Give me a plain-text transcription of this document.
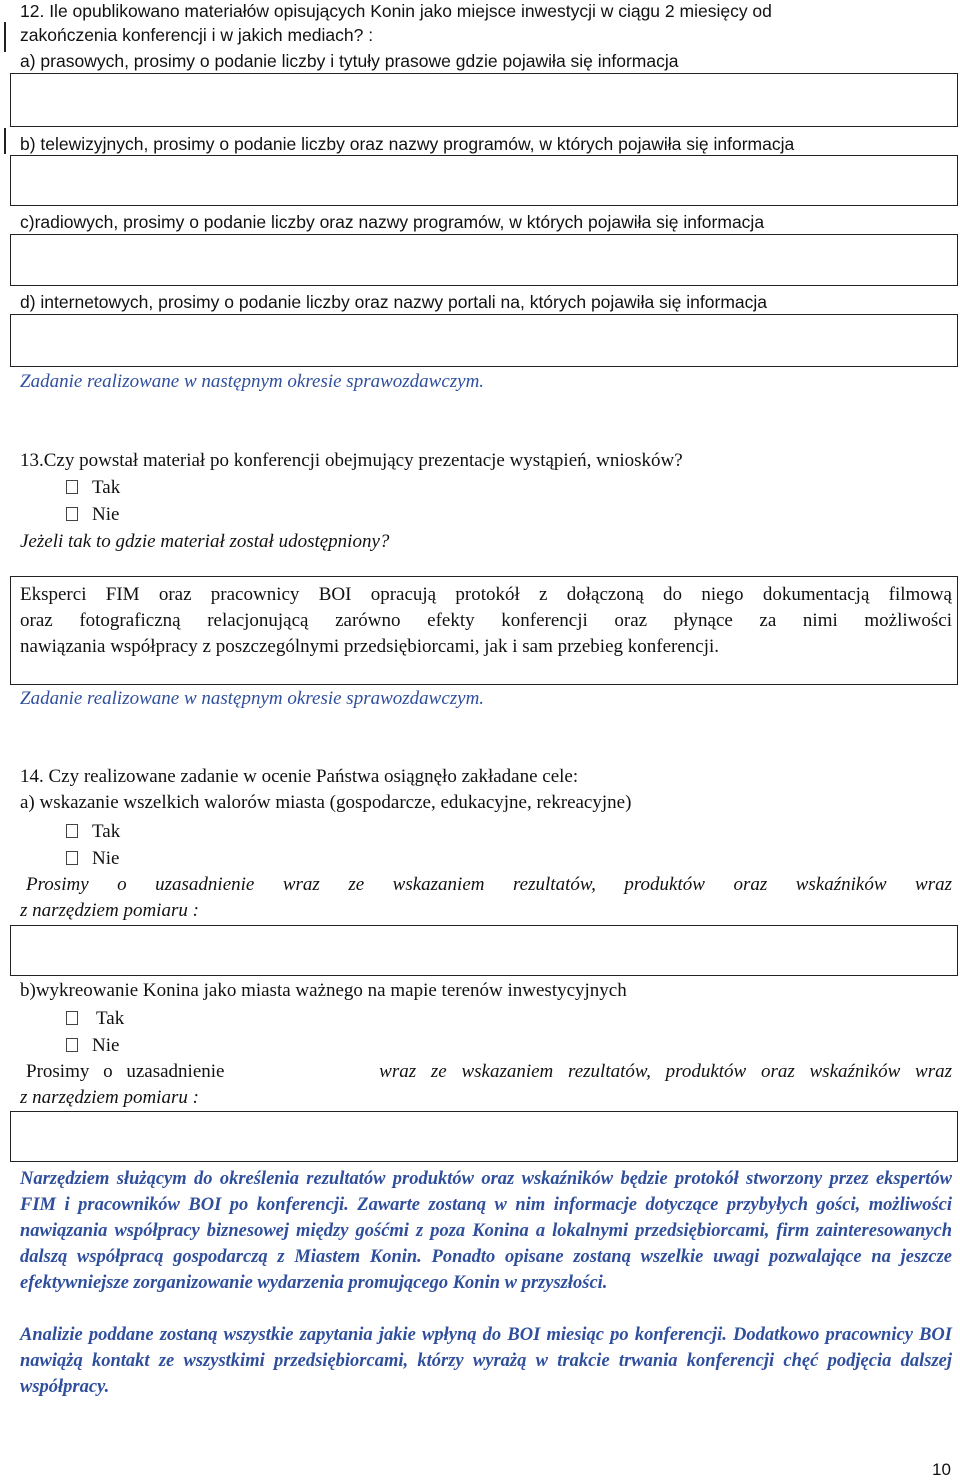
12. Ile opublikowano materiałów opisujących Konin jako miejsce inwestycji w ciągu 2 miesięcy od
zakończenia konferencji i w jakich mediach? :
a) prasowych, prosimy o podanie liczby i tytuły prasowe gdzie pojawiła się informacja
b) telewizyjnych, prosimy o podanie liczby oraz nazwy programów, w których pojawiła się informacja
c)radiowych, prosimy o podanie liczby oraz nazwy programów, w których pojawiła się informacja
d) internetowych, prosimy o podanie liczby oraz nazwy portali na, których pojawiła się informacja
Zadanie realizowane w następnym okresie sprawozdawczym.
13.Czy powstał materiał po konferencji obejmujący prezentacje wystąpień, wniosków?
Tak
Nie
Jeżeli tak to gdzie materiał został udostępniony?
Eksperci FIM oraz pracownicy BOI opracują protokół z dołączoną do niego dokumentacją filmową
oraz fotograficzną relacjonującą zarówno efekty konferencji oraz płynące za nimi możliwości
nawiązania współpracy z poszczególnymi przedsiębiorcami, jak i sam przebieg konferencji.
Zadanie realizowane w następnym okresie sprawozdawczym.
14. Czy realizowane zadanie w ocenie Państwa osiągnęło zakładane cele:
a) wskazanie wszelkich walorów miasta (gospodarcze, edukacyjne, rekreacyjne)
Tak
Nie
Prosimy o uzasadnienie wraz ze wskazaniem rezultatów, produktów oraz wskaźników wraz
z narzędziem pomiaru :
b)wykreowanie Konina jako miasta ważnego na mapie terenów inwestycyjnych
Tak
Nie
Prosimy o uzasadnienie	wraz ze wskazaniem rezultatów, produktów oraz wskaźników wraz
z narzędziem pomiaru :
Narzędziem służącym do określenia rezultatów produktów oraz wskaźników będzie protokół stworzony przez ekspertów FIM i pracowników BOI po konferencji. Zawarte zostaną w nim informacje dotyczące przybyłych gości, możliwości nawiązania współpracy biznesowej między gośćmi z poza Konina a lokalnymi przedsiębiorcami, firm zainteresowanych dalszą współpracą gospodarczą z Miastem Konin. Ponadto opisane zostaną wszelkie uwagi pozwalające na jeszcze efektywniejsze zorganizowanie wydarzenia promującego Konin w przyszłości.
Analizie poddane zostaną wszystkie zapytania jakie wpłyną do BOI miesiąc po konferencji. Dodatkowo pracownicy BOI nawiążą kontakt ze wszystkimi przedsiębiorcami, którzy wyrażą w trakcie trwania konferencji chęć podjęcia dalszej współpracy.
10
